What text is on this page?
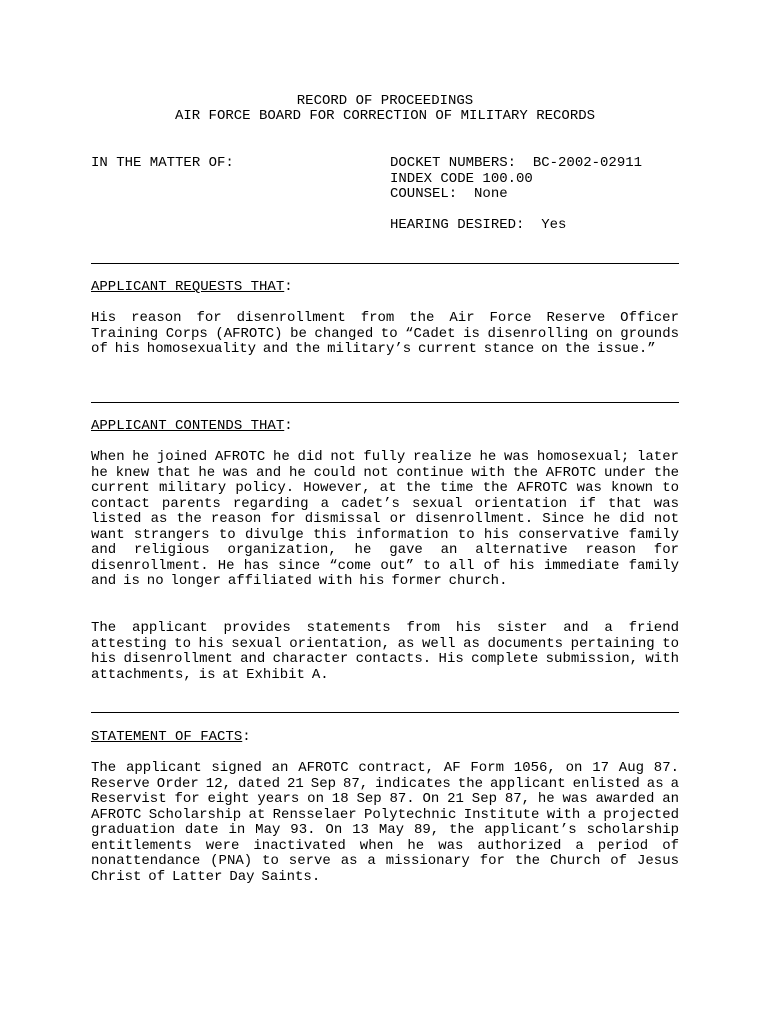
RECORD OF PROCEEDINGS
AIR FORCE BOARD FOR CORRECTION OF MILITARY RECORDS
IN THE MATTER OF:	DOCKET NUMBERS:  BC-2002-02911
INDEX CODE 100.00
COUNSEL:  None
HEARING DESIRED:  Yes
APPLICANT REQUESTS THAT:

His reason for disenrollment from the Air Force Reserve Officer Training Corps (AFROTC) be changed to “Cadet is disenrolling on grounds of his homosexuality and the military’s current stance on the issue.”

APPLICANT CONTENDS THAT:

When he joined AFROTC he did not fully realize he was homosexual; later he knew that he was and he could not continue with the AFROTC under the current military policy. However, at the time the AFROTC was known to contact parents regarding a cadet’s sexual orientation if that was listed as the reason for dismissal or disenrollment. Since he did not want strangers to divulge this information to his conservative family and religious organization, he gave an alternative reason for disenrollment. He has since “come out” to all of his immediate family and is no longer affiliated with his former church.

The applicant provides statements from his sister and a friend attesting to his sexual orientation, as well as documents pertaining to his disenrollment and character contacts. His complete submission, with attachments, is at Exhibit A.

STATEMENT OF FACTS:

The applicant signed an AFROTC contract, AF Form 1056, on 17 Aug 87. Reserve Order 12, dated 21 Sep 87, indicates the applicant enlisted as a Reservist for eight years on 18 Sep 87. On 21 Sep 87, he was awarded an AFROTC Scholarship at Rensselaer Polytechnic Institute with a projected graduation date in May 93. On 13 May 89, the applicant’s scholarship entitlements were inactivated when he was authorized a period of nonattendance (PNA) to serve as a missionary for the Church of Jesus Christ of Latter Day Saints.
